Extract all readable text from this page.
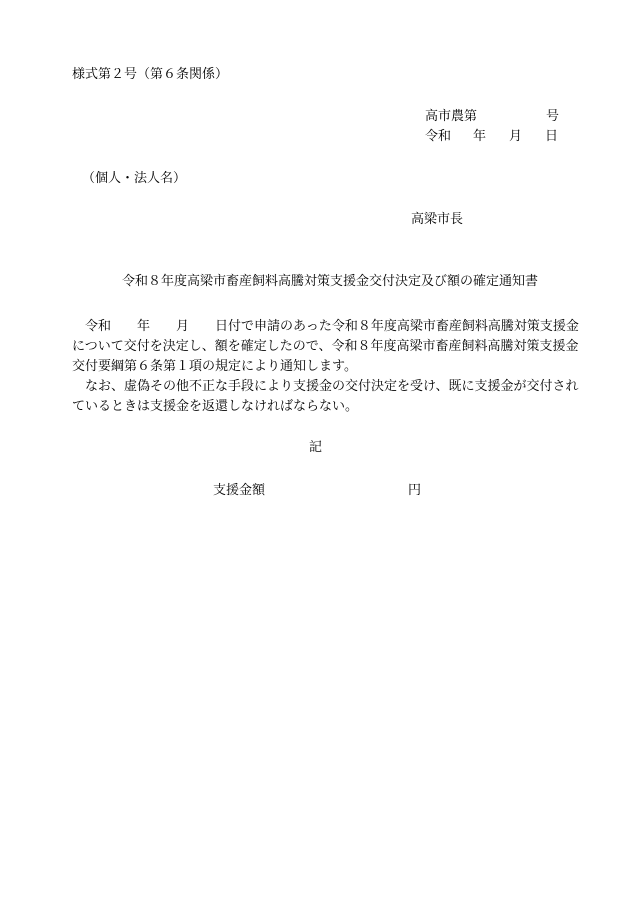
様式第２号（第６条関係）
高市農第	号
令和 年 月 日
（個人・法人名）
高梁市長
令和８年度高梁市畜産飼料高騰対策支援金交付決定及び額の確定通知書

　令和　　年　　月　　日付で申請のあった令和８年度高梁市畜産飼料高騰対策支援金

について交付を決定し、額を確定したので、令和８年度高梁市畜産飼料高騰対策支援金

交付要綱第６条第１項の規定により通知します。

　なお、虚偽その他不正な手段により支援金の交付決定を受け、既に支援金が交付され

ているときは支援金を返還しなければならない。

記
支援金額	円
